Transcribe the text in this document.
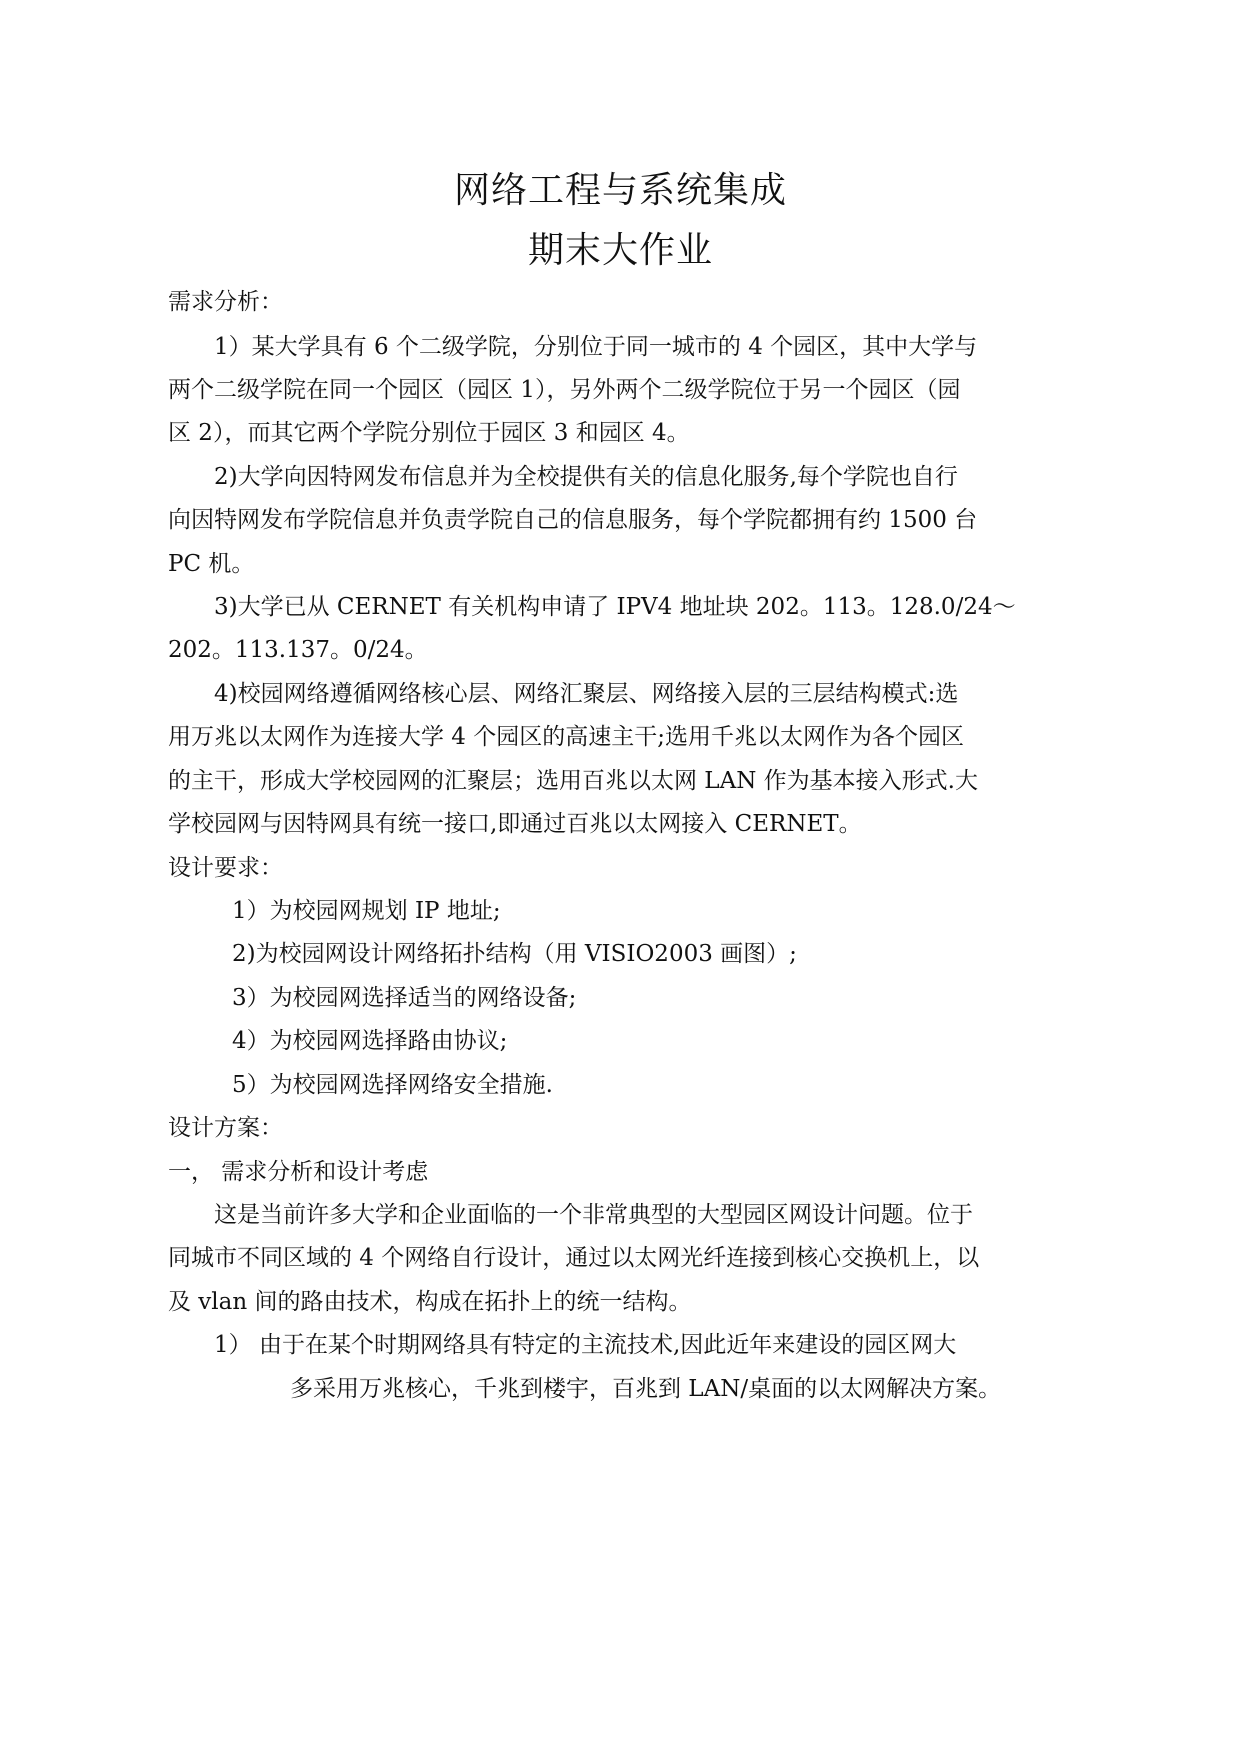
网络工程与系统集成
期末大作业
需求分析：
1）某大学具有 6 个二级学院，分别位于同一城市的 4 个园区，其中大学与
两个二级学院在同一个园区（园区 1），另外两个二级学院位于另一个园区（园
区 2），而其它两个学院分别位于园区 3 和园区 4。
2)大学向因特网发布信息并为全校提供有关的信息化服务,每个学院也自行
向因特网发布学院信息并负责学院自己的信息服务，每个学院都拥有约 1500 台
PC 机。
3)大学已从 CERNET 有关机构申请了 IPV4 地址块 202。113。128.0/24～
202。113.137。0/24。
4)校园网络遵循网络核心层、网络汇聚层、网络接入层的三层结构模式:选
用万兆以太网作为连接大学 4 个园区的高速主干;选用千兆以太网作为各个园区
的主干，形成大学校园网的汇聚层；选用百兆以太网 LAN 作为基本接入形式.大
学校园网与因特网具有统一接口,即通过百兆以太网接入 CERNET。
设计要求：
1）为校园网规划 IP 地址;
2)为校园网设计网络拓扑结构（用 VISIO2003 画图）;
3）为校园网选择适当的网络设备;
4）为校园网选择路由协议;
5）为校园网选择网络安全措施.
设计方案：
一， 需求分析和设计考虑
这是当前许多大学和企业面临的一个非常典型的大型园区网设计问题。位于
同城市不同区域的 4 个网络自行设计，通过以太网光纤连接到核心交换机上，以
及 vlan 间的路由技术，构成在拓扑上的统一结构。
1） 由于在某个时期网络具有特定的主流技术,因此近年来建设的园区网大
多采用万兆核心，千兆到楼宇，百兆到 LAN/桌面的以太网解决方案。
